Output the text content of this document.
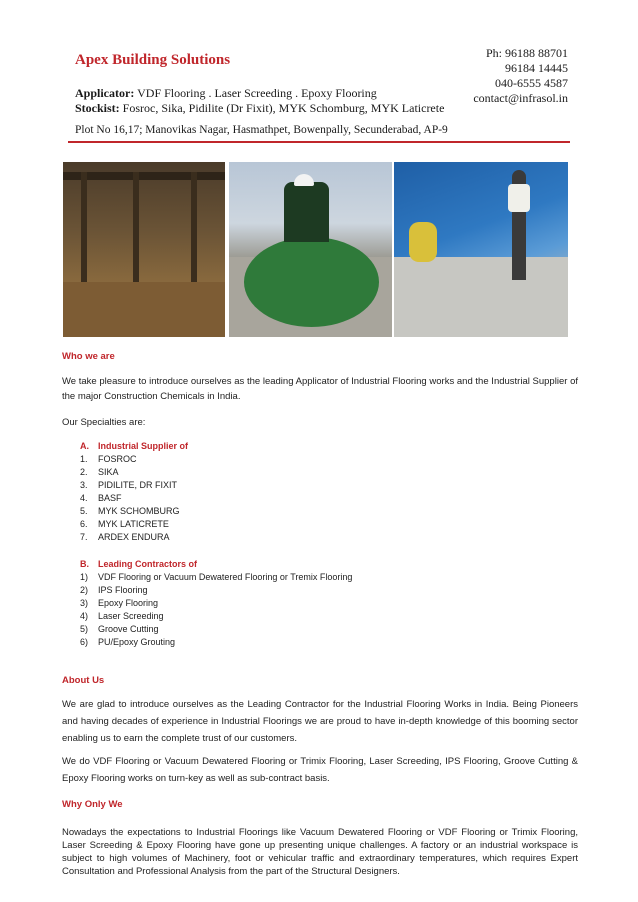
Apex Building Solutions	Ph: 96188 88701
96184 14445
040-6555 4587
contact@infrasol.in
Applicator: VDF Flooring . Laser Screeding . Epoxy Flooring
Stockist: Fosroc, Sika, Pidilite (Dr Fixit), MYK Schomburg, MYK Laticrete
Plot No 16,17; Manovikas Nagar, Hasmathpet, Bowenpally, Secunderabad, AP-9
Who we are
We take pleasure to introduce ourselves as the leading Applicator of Industrial Flooring works and the Industrial Supplier of the major Construction Chemicals in India.
Our Specialties are:
A. Industrial Supplier of
1. FOSROC
2. SIKA
3. PIDILITE, DR FIXIT
4. BASF
5. MYK SCHOMBURG
6. MYK LATICRETE
7. ARDEX ENDURA
B. Leading Contractors of
1) VDF Flooring or Vacuum Dewatered Flooring or Tremix Flooring
2) IPS Flooring
3) Epoxy Flooring
4) Laser Screeding
5) Groove Cutting
6) PU/Epoxy Grouting
About Us
We are glad to introduce ourselves as the Leading Contractor for the Industrial Flooring Works in India. Being Pioneers and having decades of experience in Industrial Floorings we are proud to have in-depth knowledge of this booming sector enabling us to earn the complete trust of our customers.
We do VDF Flooring or Vacuum Dewatered Flooring or Trimix Flooring, Laser Screeding, IPS Flooring, Groove Cutting & Epoxy Flooring works on turn-key as well as sub-contract basis.
Why Only We
Nowadays the expectations to Industrial Floorings like Vacuum Dewatered Flooring or VDF Flooring or Trimix Flooring, Laser Screeding & Epoxy Flooring have gone up presenting unique challenges. A factory or an industrial workspace is subject to high volumes of Machinery, foot or vehicular traffic and extraordinary temperatures, which requires Expert Consultation and Professional Analysis from the part of the Structural Designers.
